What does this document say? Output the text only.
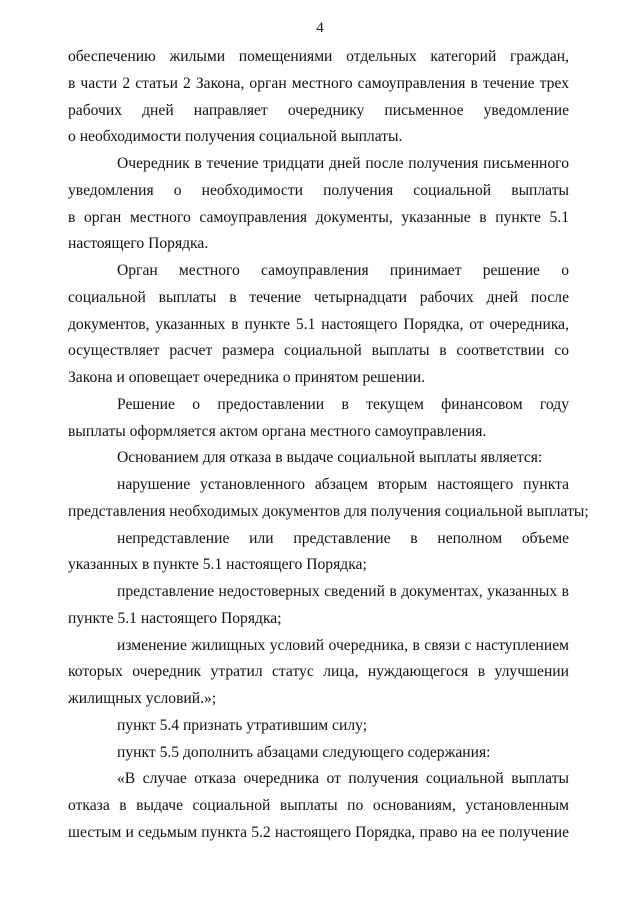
4
обеспечению жилыми помещениями отдельных категорий граждан,
в части 2 статьи 2 Закона, орган местного самоуправления в течение трех
рабочих дней направляет очереднику письменное уведомление
о необходимости получения социальной выплаты.
Очередник в течение тридцати дней после получения письменного
уведомления о необходимости получения социальной выплаты
в орган местного самоуправления документы, указанные в пункте 5.1
настоящего Порядка.
Орган местного самоуправления принимает решение о
социальной выплаты в течение четырнадцати рабочих дней после
документов, указанных в пункте 5.1 настоящего Порядка, от очередника,
осуществляет расчет размера социальной выплаты в соответствии со
Закона и оповещает очередника о принятом решении.
Решение о предоставлении в текущем финансовом году
выплаты оформляется актом органа местного самоуправления.
Основанием для отказа в выдаче социальной выплаты является:
нарушение установленного абзацем вторым настоящего пункта
представления необходимых документов для получения социальной выплаты;
непредставление или представление в неполном объеме
указанных в пункте 5.1 настоящего Порядка;
представление недостоверных сведений в документах, указанных в
пункте 5.1 настоящего Порядка;
изменение жилищных условий очередника, в связи с наступлением
которых очередник утратил статус лица, нуждающегося в улучшении
жилищных условий.»;
пункт 5.4 признать утратившим силу;
пункт 5.5 дополнить абзацами следующего содержания:
«В случае отказа очередника от получения социальной выплаты
отказа в выдаче социальной выплаты по основаниям, установленным
шестым и седьмым пункта 5.2 настоящего Порядка, право на ее получение
